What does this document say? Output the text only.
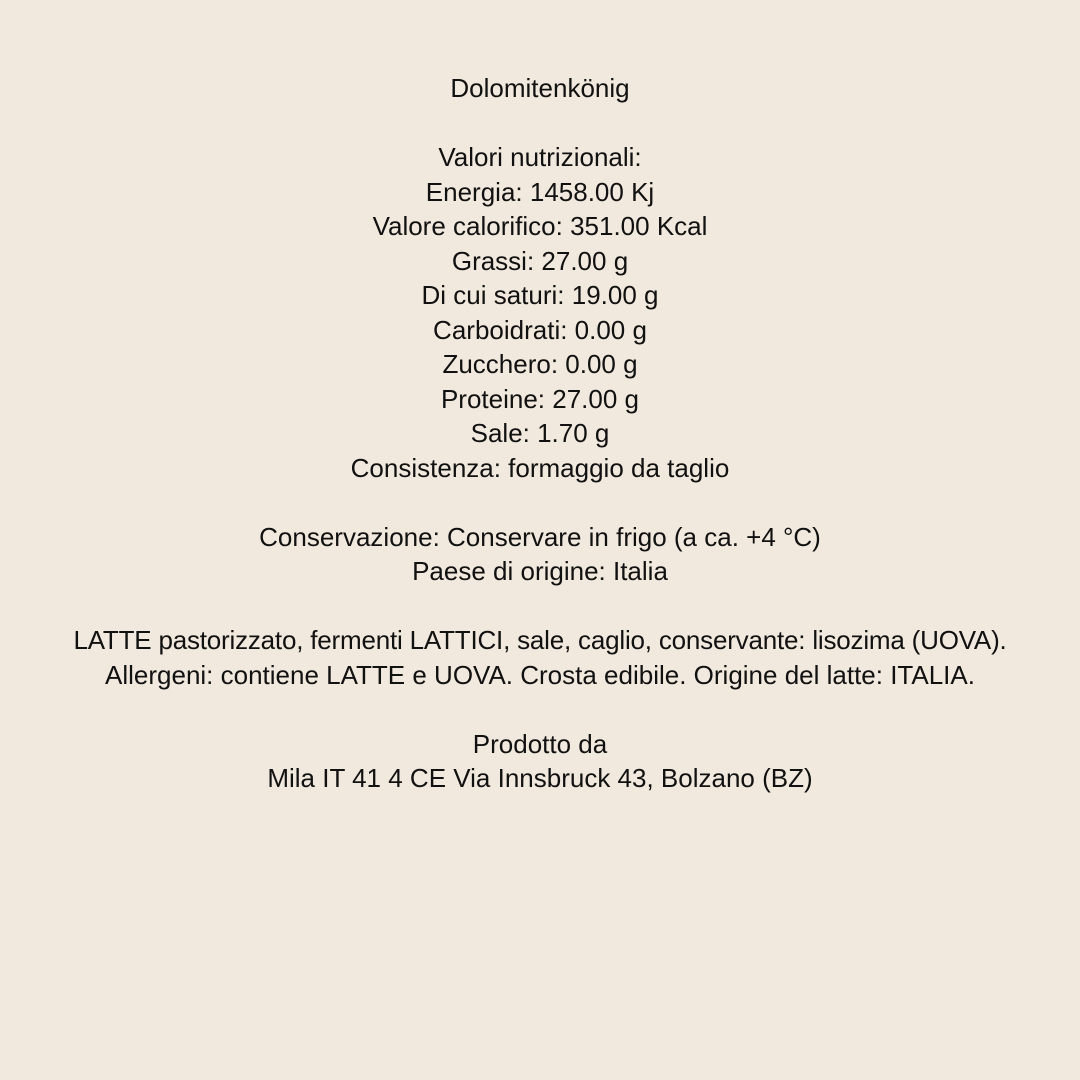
Dolomitenkönig
Valori nutrizionali:
Energia: 1458.00 Kj
Valore calorifico: 351.00 Kcal
Grassi: 27.00 g
Di cui saturi: 19.00 g
Carboidrati: 0.00 g
Zucchero: 0.00 g
Proteine: 27.00 g
Sale: 1.70 g
Consistenza: formaggio da taglio
Conservazione: Conservare in frigo (a ca. +4 °C)
Paese di origine: Italia
LATTE pastorizzato, fermenti LATTICI, sale, caglio, conservante: lisozima (UOVA).
Allergeni: contiene LATTE e UOVA. Crosta edibile. Origine del latte: ITALIA.
Prodotto da
Mila IT 41 4 CE Via Innsbruck 43, Bolzano (BZ)
